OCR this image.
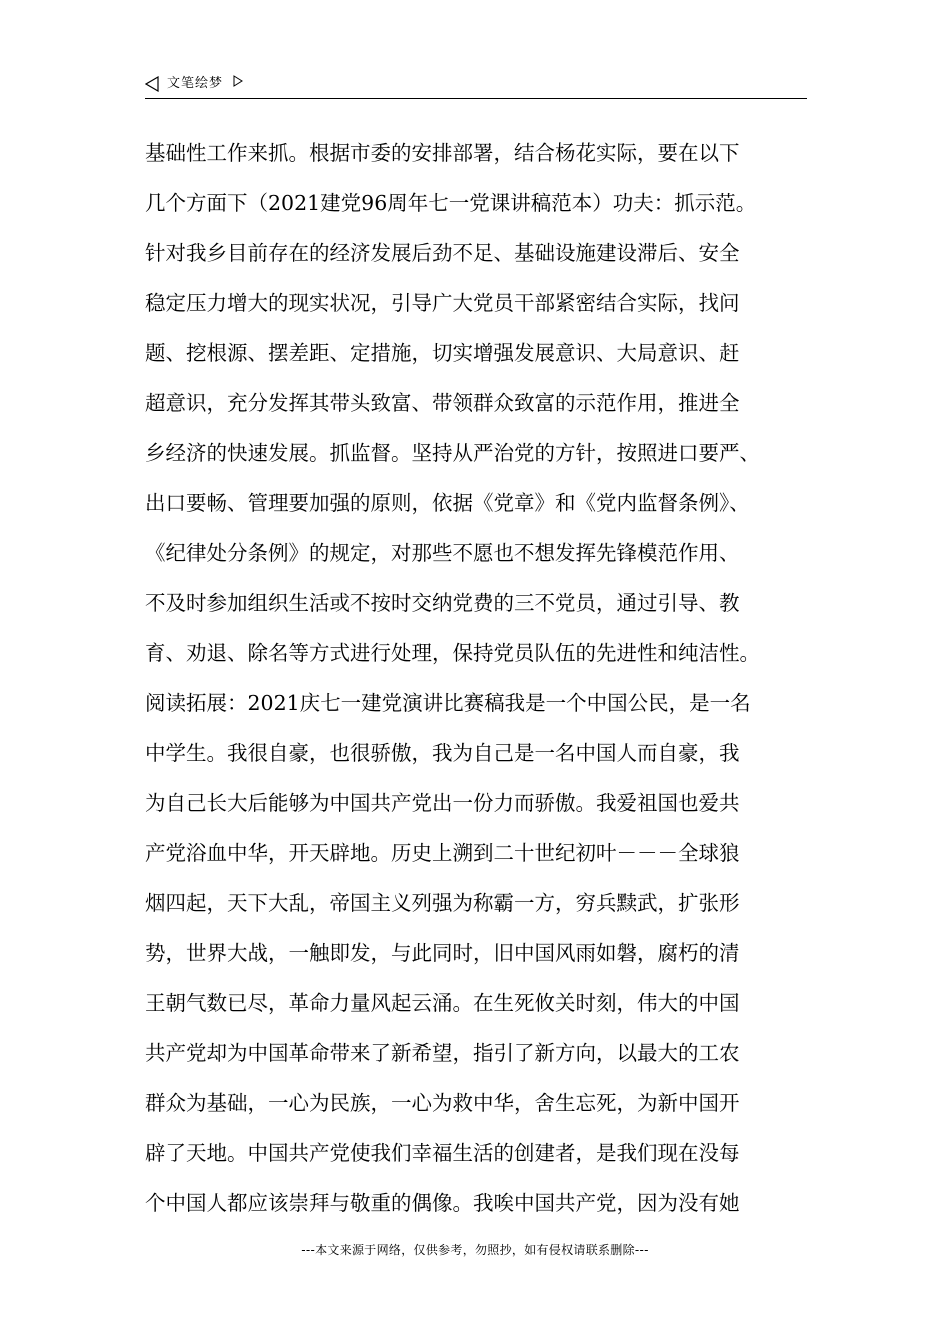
文笔绘梦
基础性工作来抓。根据市委的安排部署，结合杨花实际，要在以下
几个方面下（2021建党96周年七一党课讲稿范本）功夫：抓示范。
针对我乡目前存在的经济发展后劲不足、基础设施建设滞后、安全
稳定压力增大的现实状况，引导广大党员干部紧密结合实际，找问
题、挖根源、摆差距、定措施，切实增强发展意识、大局意识、赶
超意识，充分发挥其带头致富、带领群众致富的示范作用，推进全
乡经济的快速发展。抓监督。坚持从严治党的方针，按照进口要严、
出口要畅、管理要加强的原则，依据《党章》和《党内监督条例》、
《纪律处分条例》的规定，对那些不愿也不想发挥先锋模范作用、
不及时参加组织生活或不按时交纳党费的三不党员，通过引导、教
育、劝退、除名等方式进行处理，保持党员队伍的先进性和纯洁性。
阅读拓展：2021庆七一建党演讲比赛稿我是一个中国公民，是一名
中学生。我很自豪，也很骄傲，我为自己是一名中国人而自豪，我
为自己长大后能够为中国共产党出一份力而骄傲。我爱祖国也爱共
产党浴血中华，开天辟地。历史上溯到二十世纪初叶－－－全球狼
烟四起，天下大乱，帝国主义列强为称霸一方，穷兵黩武，扩张形
势，世界大战，一触即发，与此同时，旧中国风雨如磐，腐朽的清
王朝气数已尽，革命力量风起云涌。在生死攸关时刻，伟大的中国
共产党却为中国革命带来了新希望，指引了新方向，以最大的工农
群众为基础，一心为民族，一心为救中华，舍生忘死，为新中国开
辟了天地。中国共产党使我们幸福生活的创建者，是我们现在没每
个中国人都应该崇拜与敬重的偶像。我唉中国共产党，因为没有她
---本文来源于网络，仅供参考，勿照抄，如有侵权请联系删除---
